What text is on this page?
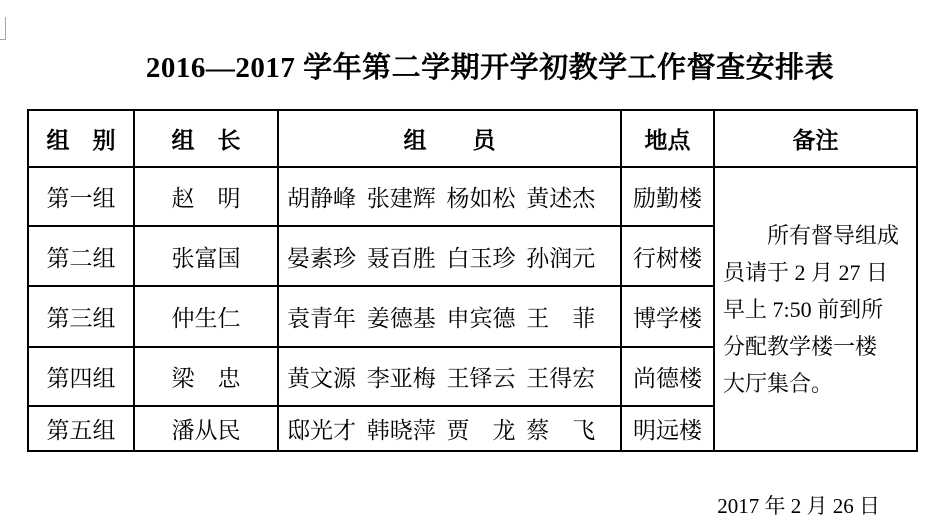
2016—2017 学年第二学期开学初教学工作督查安排表
组　别	组　长	组　　员	地点	备注
第一组	赵　明	胡静峰 张建辉 杨如松 黄述杰	励勤楼	所有督导组成
员请于 2 月 27 日
早上 7:50 前到所
分配教学楼一楼
大厅集合。

第二组	张富国	晏素珍 聂百胜 白玉珍 孙润元	行树楼	
第三组	仲生仁	袁青年 姜德基 申宾德 王　菲	博学楼	
第四组	梁　忠	黄文源 李亚梅 王铎云 王得宏	尚德楼	
第五组	潘从民	邸光才 韩晓萍 贾　龙 蔡　飞	明远楼	
2017 年 2 月 26 日
